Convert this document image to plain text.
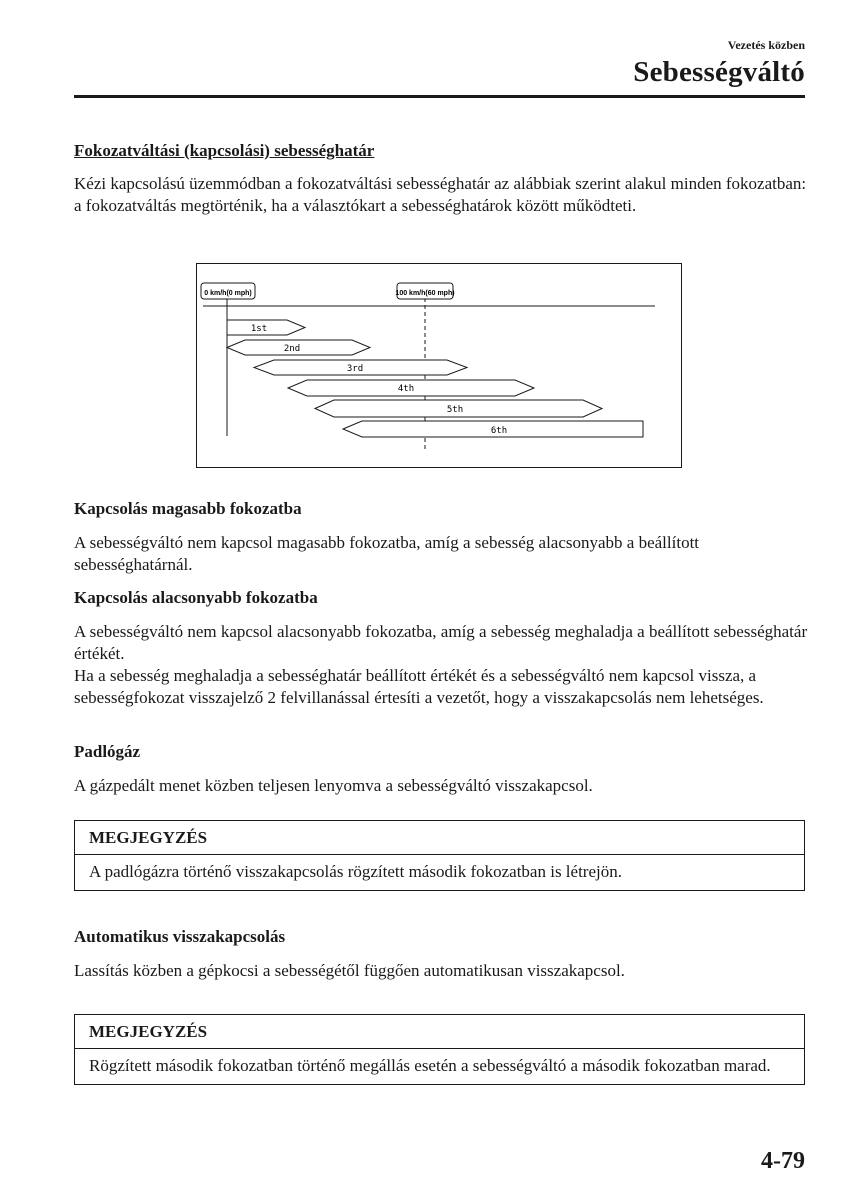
Vezetés közben
Sebességváltó
Fokozatváltási (kapcsolási) sebességhatár
Kézi kapcsolású üzemmódban a fokozatváltási sebességhatár az alábbiak szerint alakul minden fokozatban: a fokozatváltás megtörténik, ha a választókart a sebességhatárok között működteti.
0 km/h(0 mph)	100 km/h(60 mph)
1st
2nd
3rd
4th
5th
6th
Kapcsolás magasabb fokozatba
A sebességváltó nem kapcsol magasabb fokozatba, amíg a sebesség alacsonyabb a beállított sebességhatárnál.
Kapcsolás alacsonyabb fokozatba
A sebességváltó nem kapcsol alacsonyabb fokozatba, amíg a sebesség meghaladja a beállított sebességhatár értékét.
Ha a sebesség meghaladja a sebességhatár beállított értékét és a sebességváltó nem kapcsol vissza, a sebességfokozat visszajelző 2 felvillanással értesíti a vezetőt, hogy a visszakapcsolás nem lehetséges.
Padlógáz
A gázpedált menet közben teljesen lenyomva a sebességváltó visszakapcsol.
MEGJEGYZÉS
A padlógázra történő visszakapcsolás rögzített második fokozatban is létrejön.
Automatikus visszakapcsolás
Lassítás közben a gépkocsi a sebességétől függően automatikusan visszakapcsol.
MEGJEGYZÉS
Rögzített második fokozatban történő megállás esetén a sebességváltó a második fokozatban marad.
4-79
